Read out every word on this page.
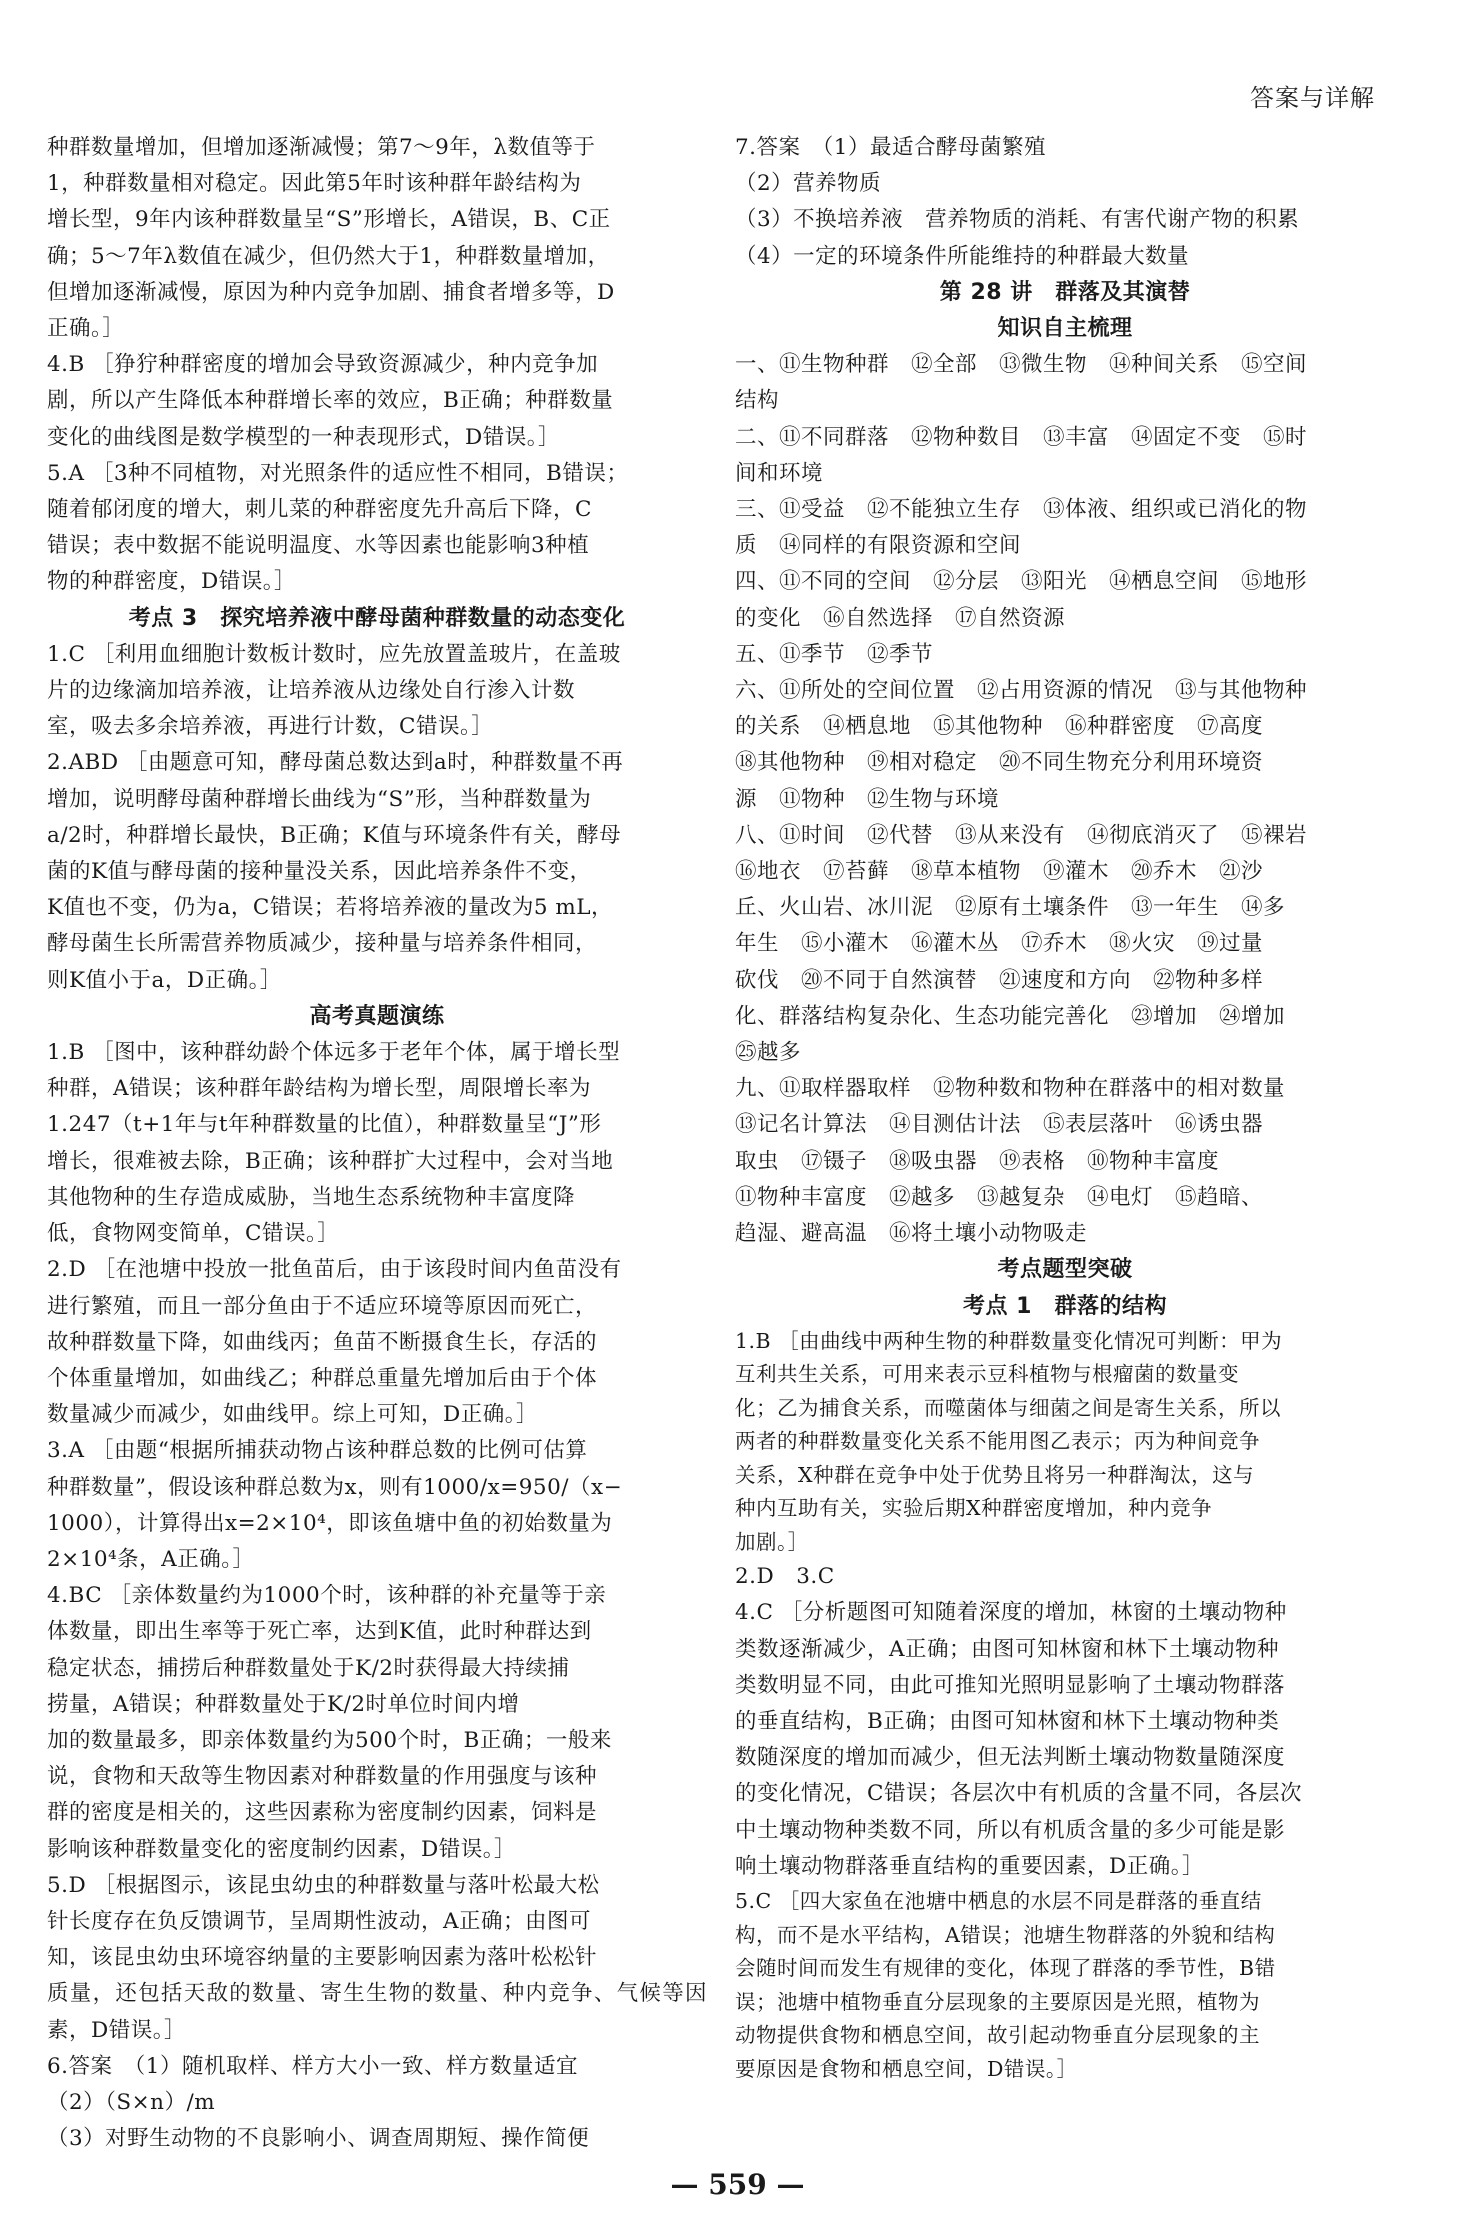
答案与详解
种群数量增加，但增加逐渐减慢；第7～9年，λ数值等于
1，种群数量相对稳定。因此第5年时该种群年龄结构为
增长型，9年内该种群数量呈“S”形增长，A错误，B、C正
确；5～7年λ数值在减少，但仍然大于1，种群数量增加，
但增加逐渐减慢，原因为种内竞争加剧、捕食者增多等，D
正确。］
4.B ［狰狞种群密度的增加会导致资源减少，种内竞争加
剧，所以产生降低本种群增长率的效应，B正确；种群数量
变化的曲线图是数学模型的一种表现形式，D错误。］
5.A ［3种不同植物，对光照条件的适应性不相同，B错误；
随着郁闭度的增大，刺儿菜的种群密度先升高后下降，C
错误；表中数据不能说明温度、水等因素也能影响3种植
物的种群密度，D错误。］

考点 3　探究培养液中酵母菌种群数量的动态变化

1.C ［利用血细胞计数板计数时，应先放置盖玻片，在盖玻
片的边缘滴加培养液，让培养液从边缘处自行渗入计数
室，吸去多余培养液，再进行计数，C错误。］
2.ABD ［由题意可知，酵母菌总数达到a时，种群数量不再
增加，说明酵母菌种群增长曲线为“S”形，当种群数量为
a/2时，种群增长最快，B正确；K值与环境条件有关，酵母
菌的K值与酵母菌的接种量没关系，因此培养条件不变，
K值也不变，仍为a，C错误；若将培养液的量改为5 mL，
酵母菌生长所需营养物质减少，接种量与培养条件相同，
则K值小于a，D正确。］

高考真题演练

1.B ［图中，该种群幼龄个体远多于老年个体，属于增长型
种群，A错误；该种群年龄结构为增长型，周限增长率为
1.247（t+1年与t年种群数量的比值），种群数量呈“J”形
增长，很难被去除，B正确；该种群扩大过程中，会对当地
其他物种的生存造成威胁，当地生态系统物种丰富度降
低，食物网变简单，C错误。］
2.D ［在池塘中投放一批鱼苗后，由于该段时间内鱼苗没有
进行繁殖，而且一部分鱼由于不适应环境等原因而死亡，
故种群数量下降，如曲线丙；鱼苗不断摄食生长，存活的
个体重量增加，如曲线乙；种群总重量先增加后由于个体
数量减少而减少，如曲线甲。综上可知，D正确。］
3.A ［由题“根据所捕获动物占该种群总数的比例可估算
种群数量”，假设该种群总数为x，则有1000/x=950/（x−
1000），计算得出x=2×10⁴，即该鱼塘中鱼的初始数量为
2×10⁴条，A正确。］
4.BC ［亲体数量约为1000个时，该种群的补充量等于亲
体数量，即出生率等于死亡率，达到K值，此时种群达到
稳定状态，捕捞后种群数量处于K/2时获得最大持续捕
捞量，A错误；种群数量处于K/2时单位时间内增
加的数量最多，即亲体数量约为500个时，B正确；一般来
说，食物和天敌等生物因素对种群数量的作用强度与该种
群的密度是相关的，这些因素称为密度制约因素，饲料是
影响该种群数量变化的密度制约因素，D错误。］
5.D ［根据图示，该昆虫幼虫的种群数量与落叶松最大松
针长度存在负反馈调节，呈周期性波动，A正确；由图可
知，该昆虫幼虫环境容纳量的主要影响因素为落叶松松针
质量，还包括天敌的数量、寄生生物的数量、种内竞争、气候等因素，D错误。］
6.答案　（1）随机取样、样方大小一致、样方数量适宜
（2）（S×n）/m
（3）对野生动物的不良影响小、调查周期短、操作简便
7.答案　（1）最适合酵母菌繁殖
（2）营养物质
（3）不换培养液　营养物质的消耗、有害代谢产物的积累
（4）一定的环境条件所能维持的种群最大数量

第 28 讲　群落及其演替

知识自主梳理

一、⑪生物种群　⑫全部　⑬微生物　⑭种间关系　⑮空间
结构
二、⑪不同群落　⑫物种数目　⑬丰富　⑭固定不变　⑮时
间和环境
三、⑪受益　⑫不能独立生存　⑬体液、组织或已消化的物
质　⑭同样的有限资源和空间
四、⑪不同的空间　⑫分层　⑬阳光　⑭栖息空间　⑮地形
的变化　⑯自然选择　⑰自然资源
五、⑪季节　⑫季节
六、⑪所处的空间位置　⑫占用资源的情况　⑬与其他物种
的关系　⑭栖息地　⑮其他物种　⑯种群密度　⑰高度
⑱其他物种　⑲相对稳定　⑳不同生物充分利用环境资
源　⑪物种　⑫生物与环境
八、⑪时间　⑫代替　⑬从来没有　⑭彻底消灭了　⑮裸岩
⑯地衣　⑰苔藓　⑱草本植物　⑲灌木　⑳乔木　㉑沙
丘、火山岩、冰川泥　⑫原有土壤条件　⑬一年生　⑭多
年生　⑮小灌木　⑯灌木丛　⑰乔木　⑱火灾　⑲过量
砍伐　⑳不同于自然演替　㉑速度和方向　㉒物种多样
化、群落结构复杂化、生态功能完善化　㉓增加　㉔增加
㉕越多
九、⑪取样器取样　⑫物种数和物种在群落中的相对数量
⑬记名计算法　⑭目测估计法　⑮表层落叶　⑯诱虫器
取虫　⑰镊子　⑱吸虫器　⑲表格　⑩物种丰富度
⑪物种丰富度　⑫越多　⑬越复杂　⑭电灯　⑮趋暗、
趋湿、避高温　⑯将土壤小动物吸走

考点题型突破

考点 1　群落的结构

1.B ［由曲线中两种生物的种群数量变化情况可判断：甲为
互利共生关系，可用来表示豆科植物与根瘤菌的数量变
化；乙为捕食关系，而噬菌体与细菌之间是寄生关系，所以
两者的种群数量变化关系不能用图乙表示；丙为种间竞争
关系，X种群在竞争中处于优势且将另一种群淘汰，这与
种内互助有关，实验后期X种群密度增加，种内竞争
加剧。］

2.D　3.C

4.C ［分析题图可知随着深度的增加，林窗的土壤动物种
类数逐渐减少，A正确；由图可知林窗和林下土壤动物种
类数明显不同，由此可推知光照明显影响了土壤动物群落
的垂直结构，B正确；由图可知林窗和林下土壤动物种类
数随深度的增加而减少，但无法判断土壤动物数量随深度
的变化情况，C错误；各层次中有机质的含量不同，各层次
中土壤动物种类数不同，所以有机质含量的多少可能是影
响土壤动物群落垂直结构的重要因素，D正确。］
5.C ［四大家鱼在池塘中栖息的水层不同是群落的垂直结
构，而不是水平结构，A错误；池塘生物群落的外貌和结构
会随时间而发生有规律的变化，体现了群落的季节性，B错
误；池塘中植物垂直分层现象的主要原因是光照，植物为
动物提供食物和栖息空间，故引起动物垂直分层现象的主
要原因是食物和栖息空间，D错误。］
— 559 —
